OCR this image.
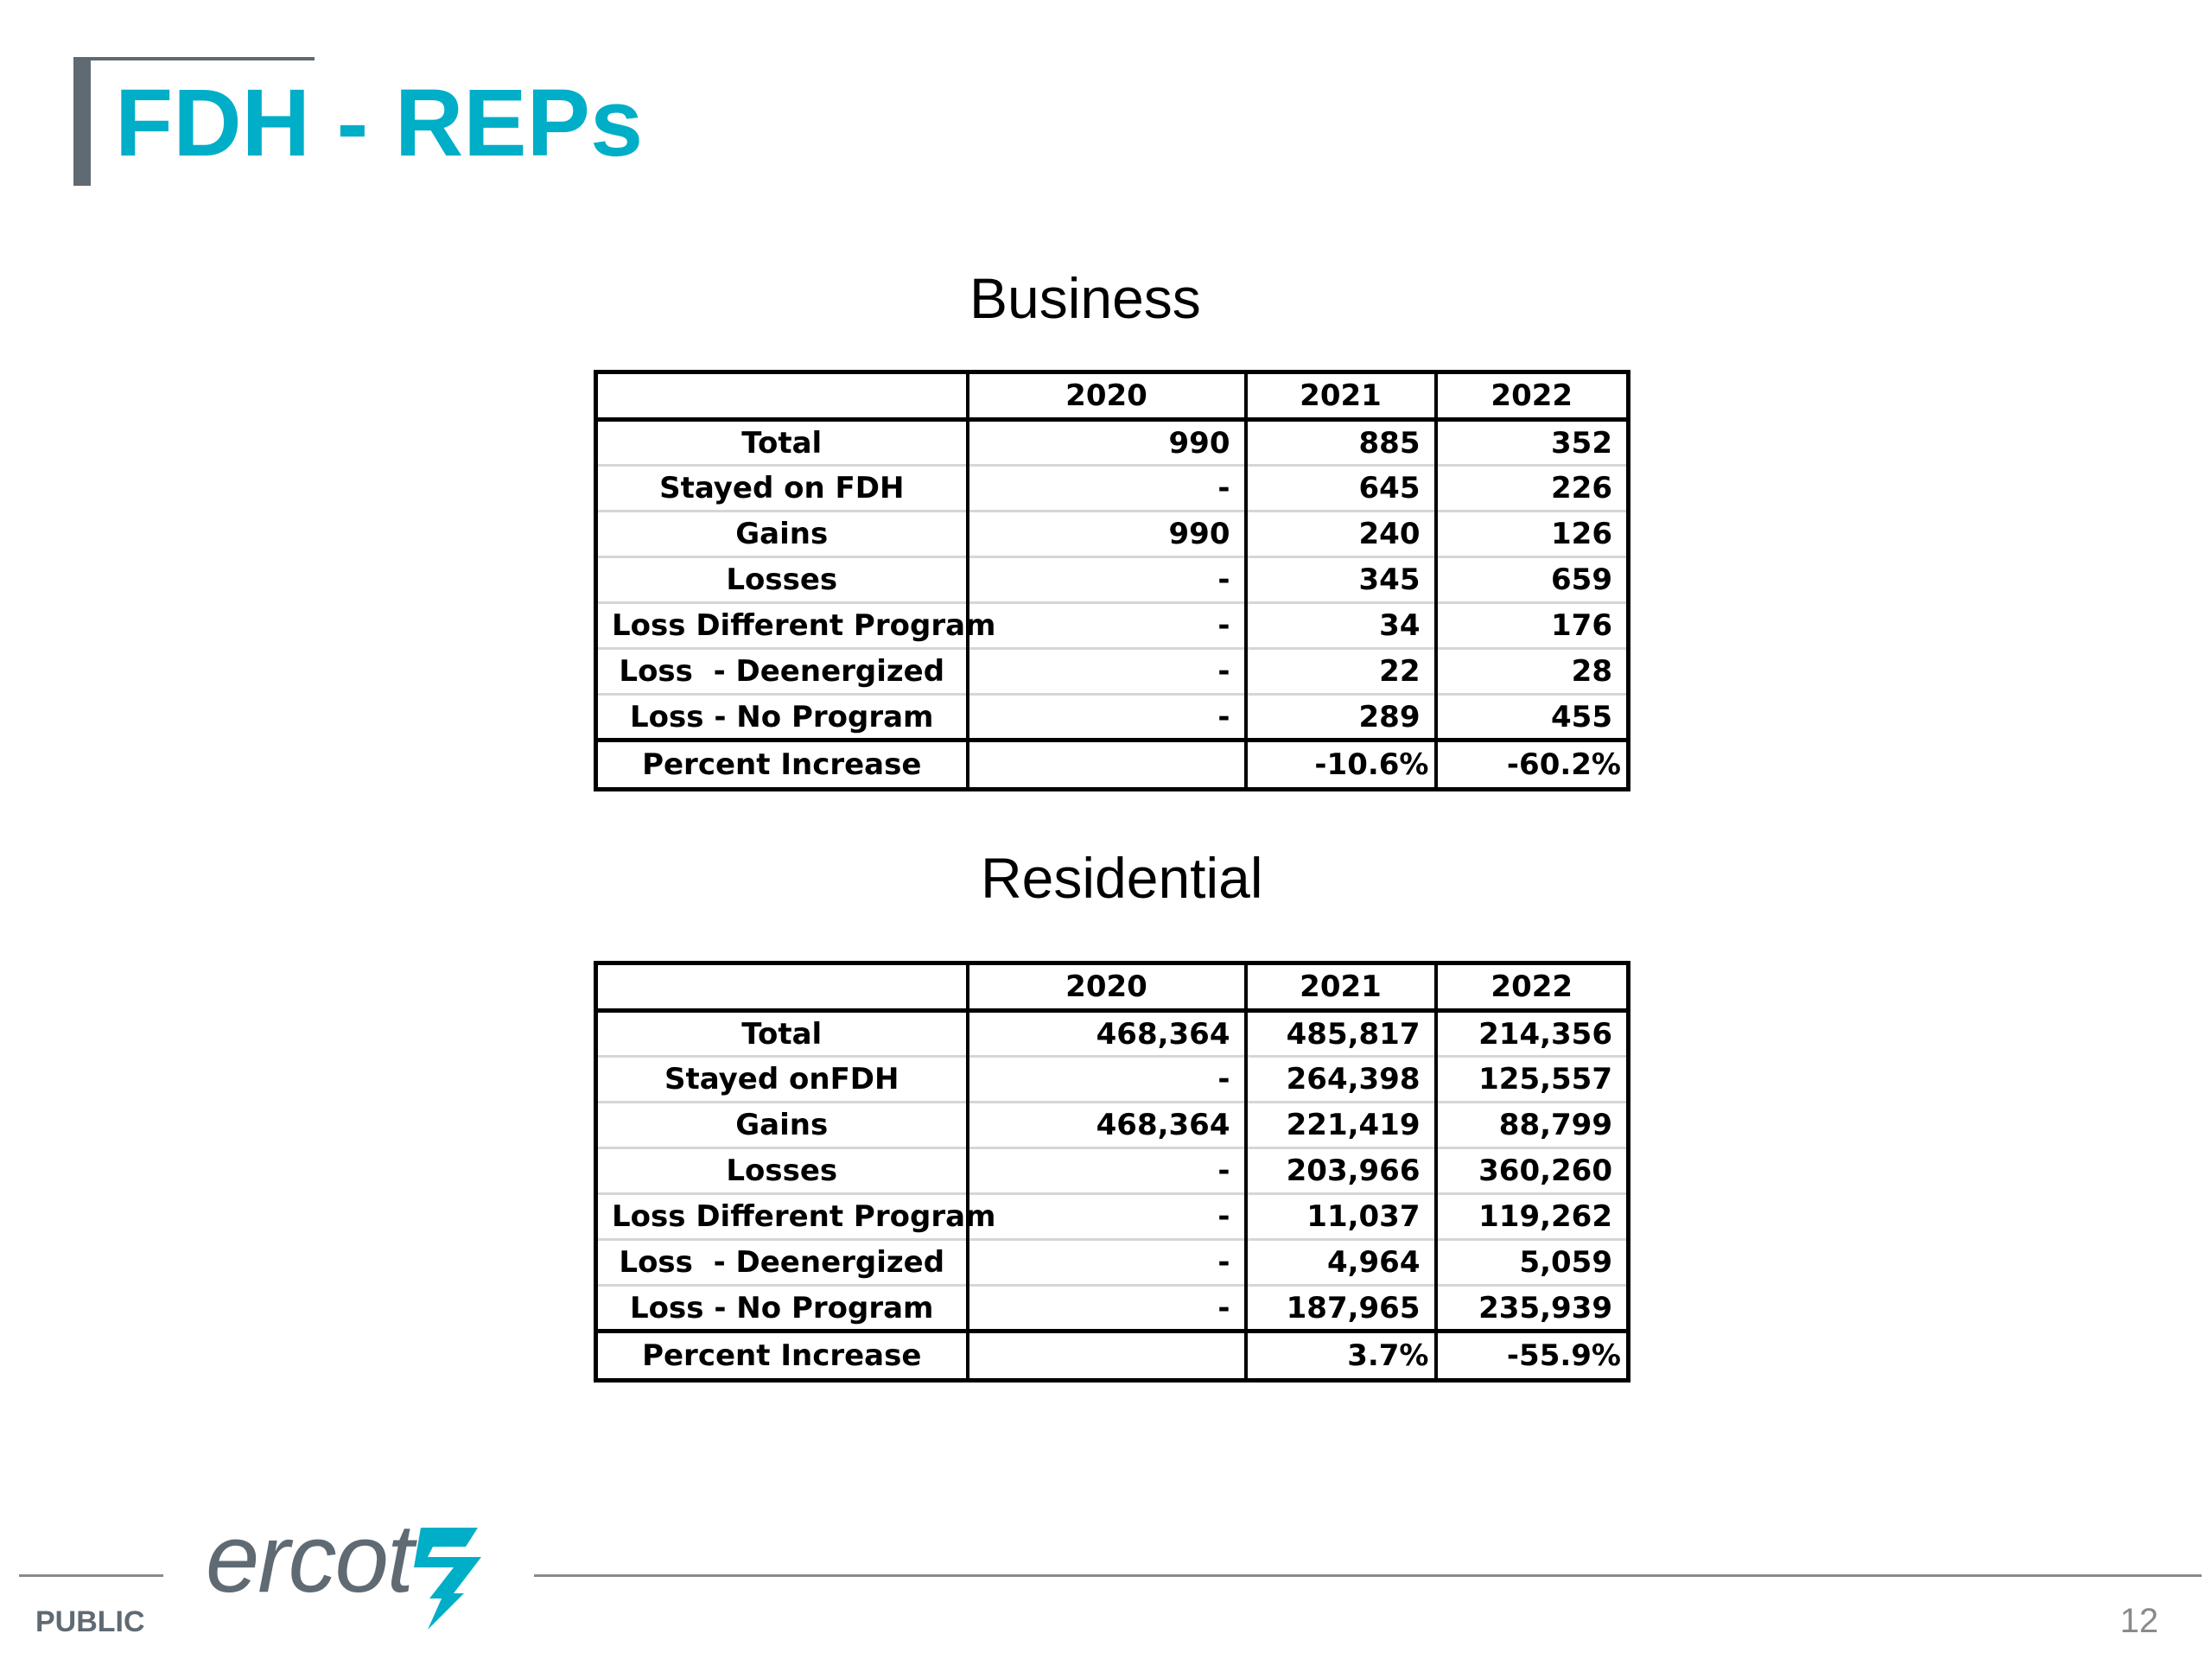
FDH - REPs
Business
	2020	2021	2022
Total	990	885	352
Stayed on FDH	-	645	226
Gains	990	240	126
Losses	-	345	659
Loss Different Program	-	34	176
Loss  - Deenergized	-	22	28
Loss - No Program	-	289	455
Percent Increase		-10.6%	-60.2%
Residential
	2020	2021	2022
Total	468,364	485,817	214,356
Stayed onFDH	-	264,398	125,557
Gains	468,364	221,419	88,799
Losses	-	203,966	360,260
Loss Different Program	-	11,037	119,262
Loss  - Deenergized	-	4,964	5,059
Loss - No Program	-	187,965	235,939
Percent Increase		3.7%	-55.9%
ercot
PUBLIC	12
